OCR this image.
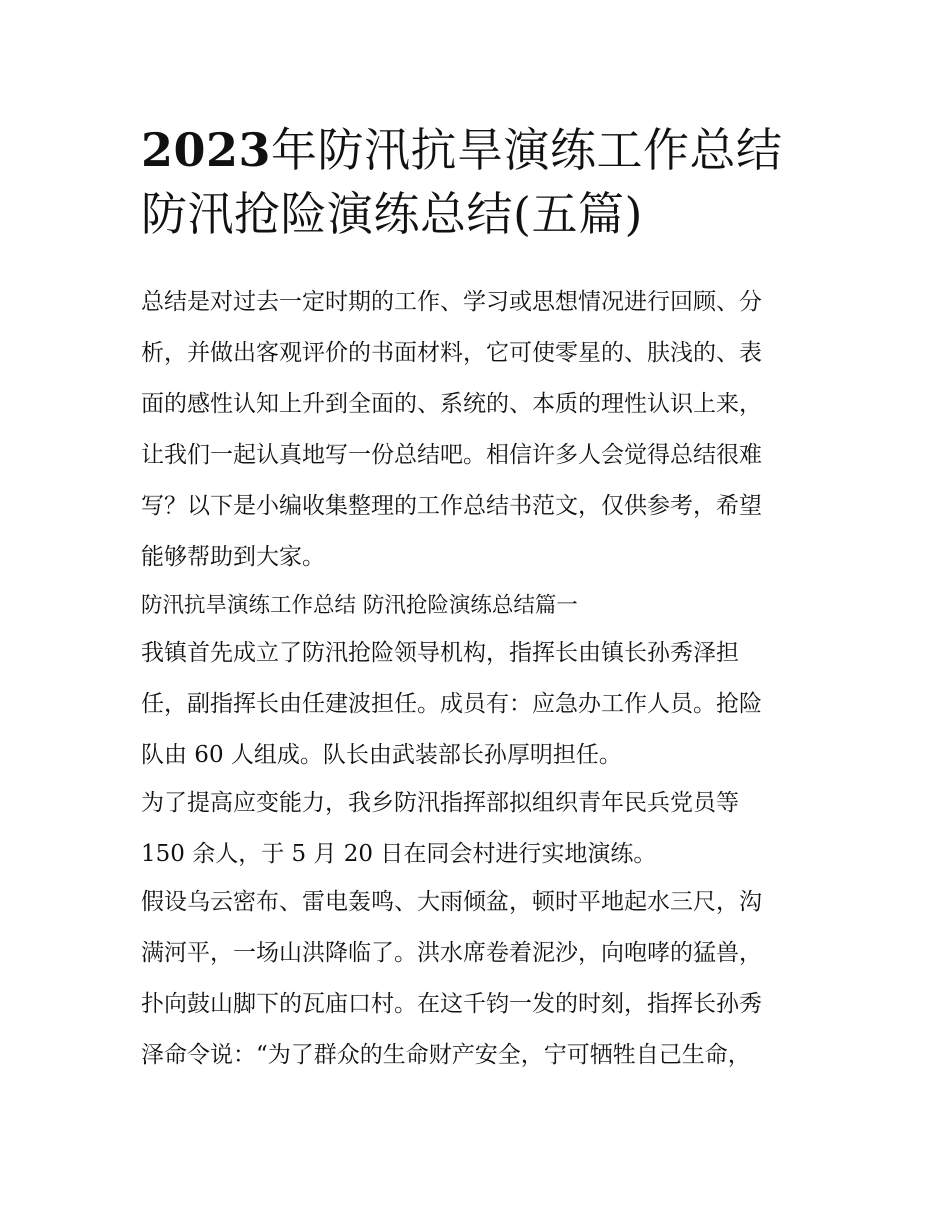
2023年防汛抗旱演练工作总结
防汛抢险演练总结(五篇)
总结是对过去一定时期的工作、学习或思想情况进行回顾、分
析，并做出客观评价的书面材料，它可使零星的、肤浅的、表
面的感性认知上升到全面的、系统的、本质的理性认识上来，
让我们一起认真地写一份总结吧。相信许多人会觉得总结很难
写？以下是小编收集整理的工作总结书范文，仅供参考，希望
能够帮助到大家。
防汛抗旱演练工作总结 防汛抢险演练总结篇一
我镇首先成立了防汛抢险领导机构，指挥长由镇长孙秀泽担
任，副指挥长由任建波担任。成员有：应急办工作人员。抢险
队由 60 人组成。队长由武装部长孙厚明担任。
为了提高应变能力，我乡防汛指挥部拟组织青年民兵党员等
150 余人，于 5 月 20 日在同会村进行实地演练。
假设乌云密布、雷电轰鸣、大雨倾盆，顿时平地起水三尺，沟
满河平，一场山洪降临了。洪水席卷着泥沙，向咆哮的猛兽，
扑向鼓山脚下的瓦庙口村。在这千钧一发的时刻，指挥长孙秀
泽命令说：“为了群众的生命财产安全，宁可牺牲自己生命，
